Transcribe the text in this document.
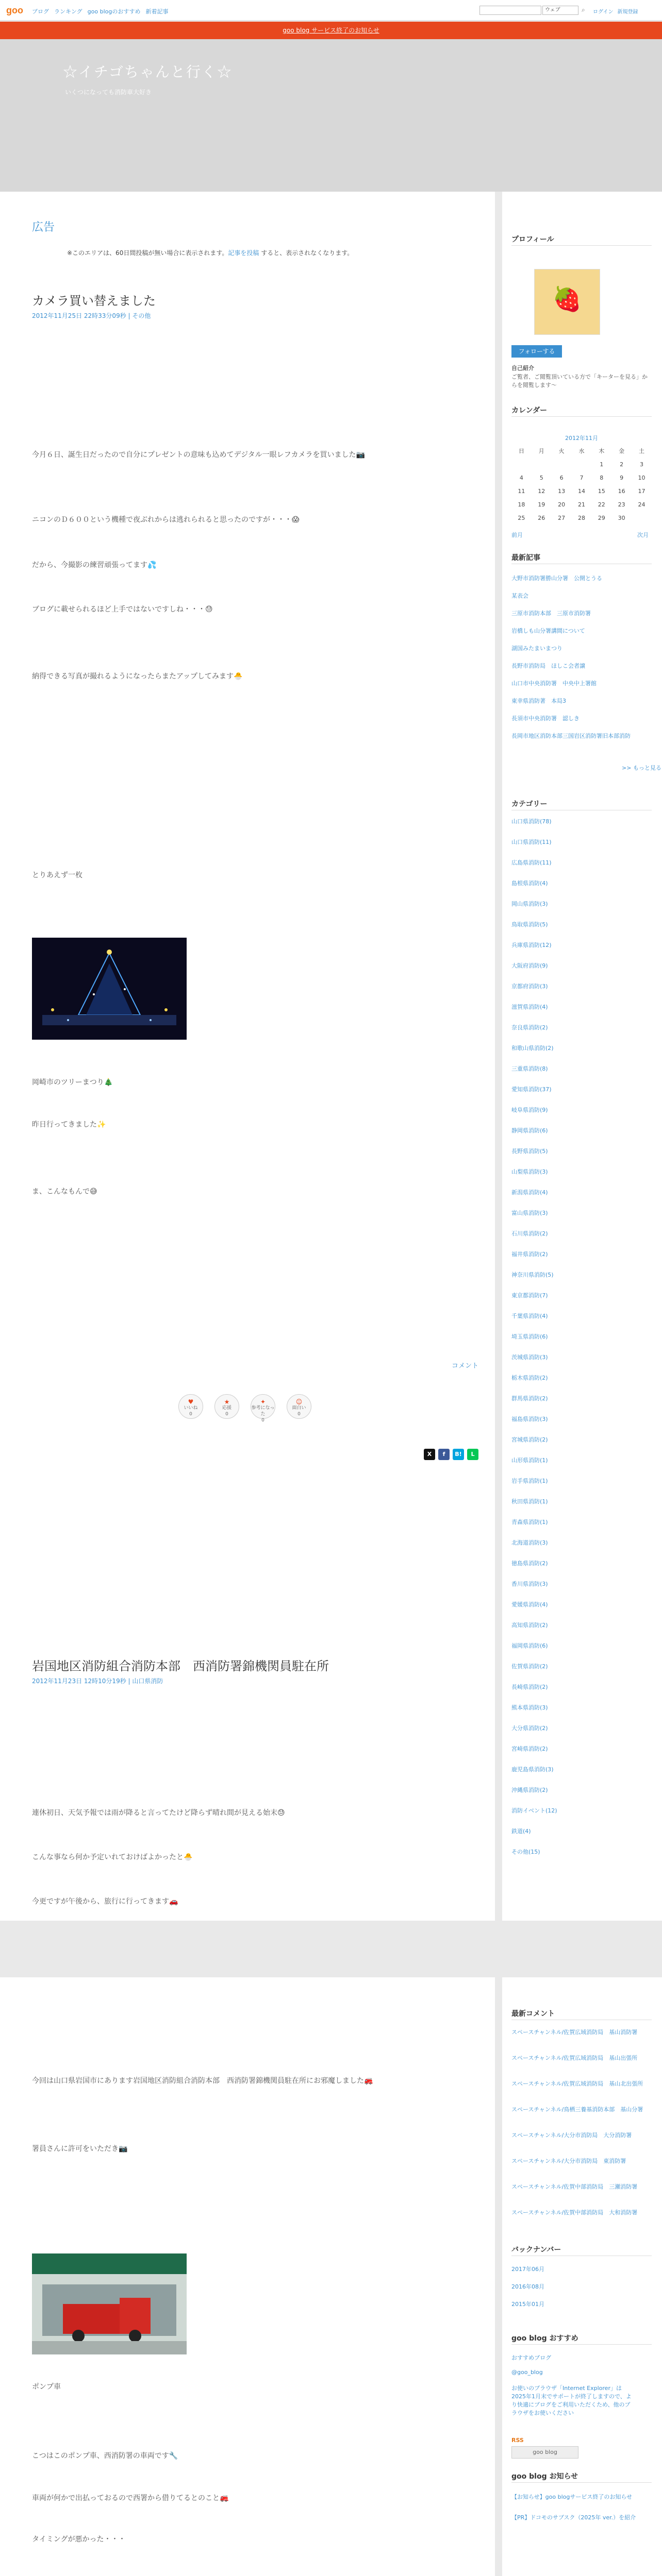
goo	ブログ ランキング goo blogのおすすめ 新着記事	ウェブ	⌕	ログイン 新規登録
goo blog サービス終了のお知らせ
☆イチゴちゃんと行く☆
いくつになっても消防車大好き
広告
※このエリアは、60日間投稿が無い場合に表示されます。記事を投稿 すると、表示されなくなります。
カメラ買い替えました
2012年11月25日 22時33分09秒 | その他
今月６日、誕生日だったので自分にプレゼントの意味も込めてデジタル一眼レフカメラを買いました📷
ニコンのＤ６００という機種で夜ぶれからは逃れられると思ったのですが・・・😱
だから、今撮影の練習頑張ってます💦
ブログに載せられるほど上手ではないですしね・・・😓
納得できる写真が撮れるようになったらまたアップしてみます🐣
とりあえず一枚
岡崎市のツリーまつり🎄
昨日行ってきました✨
ま、こんなもんで😅
コメント
♥
いいね
0
★
応援
0
✦
参考になった
0
☺
面白い
0
X	f	B!	L
岩国地区消防組合消防本部　西消防署錦機関員駐在所
2012年11月23日 12時10分19秒 | 山口県消防
連休初日、天気予報では雨が降ると言ってたけど降らず晴れ間が見える始末😓
こんな事なら何か予定いれておけばよかったと🐣
今更ですが午後から、旅行に行ってきます🚗
今回は山口県岩国市にあります岩国地区消防組合消防本部　西消防署錦機関員駐在所にお邪魔しました🚒
署員さんに許可をいただき📷
ポンプ車
こつはこのポンプ車、西消防署の車両です🔧
車両が何かで出払っておるので西署から借りてるとのこと🚒
タイミングが悪かった・・・

プロフィール
🍓
フォローする
自己紹介
ご覧者、ご閲覧頂いている方で「キーターを見る」からを閲覧します～
カレンダー
2012年11月
日	月	火	水	木	金	土
				1	2	3
4	5	6	7	8	9	10
11	12	13	14	15	16	17
18	19	20	21	22	23	24
25	26	27	28	29	30	
前月	次月
最新記事
大野市消防署勝山分署　公開とうる
某表会
三原市消防本部　三原市消防署
岩橋しも山分署講間について
湖国みたまいまつり
長野市消防局　ほしこ会者譲
山口市中央消防署　中央中上署館
東幸県消防著　本局3
長須市中央消防署　認しき
長岡市地区消防本部三国岩区消防署旧本部消防
>> もっと見る
カテゴリー
山口県消防(78)
山口県消防(11)
広島県消防(11)
島根県消防(4)
岡山県消防(3)
鳥取県消防(5)
兵庫県消防(12)
大阪府消防(9)
京都府消防(3)
滋賀県消防(4)
奈良県消防(2)
和歌山県消防(2)
三重県消防(8)
愛知県消防(37)
岐阜県消防(9)
静岡県消防(6)
長野県消防(5)
山梨県消防(3)
新潟県消防(4)
富山県消防(3)
石川県消防(2)
福井県消防(2)
神奈川県消防(5)
東京都消防(7)
千葉県消防(4)
埼玉県消防(6)
茨城県消防(3)
栃木県消防(2)
群馬県消防(2)
福島県消防(3)
宮城県消防(2)
山形県消防(1)
岩手県消防(1)
秋田県消防(1)
青森県消防(1)
北海道消防(3)
徳島県消防(2)
香川県消防(3)
愛媛県消防(4)
高知県消防(2)
福岡県消防(6)
佐賀県消防(2)
長崎県消防(2)
熊本県消防(3)
大分県消防(2)
宮崎県消防(2)
鹿児島県消防(3)
沖縄県消防(2)
消防イベント(12)
鉄道(4)
その他(15)
最新コメント
スペースチャンネル/佐賀広域消防局　基山消防署
スペースチャンネル/佐賀広域消防局　基山出張所
スペースチャンネル/佐賀広域消防局　基山北出張所
スペースチャンネル/鳥栖三養基消防本部　基山分署
スペースチャンネル/大分市消防局　大分消防署
スペースチャンネル/大分市消防局　東消防署
スペースチャンネル/佐賀中部消防局　三瀬消防署
スペースチャンネル/佐賀中部消防局　大和消防署
バックナンバー
2017年06月
2016年08月
2015年01月
goo blog おすすめ
おすすめブログ
@goo_blog
お使いのブラウザ「Internet Explorer」は2025年1月末でサポートが終了しますので、より快適にブログをご利用いただくため、他のブラウザをお使いください
RSS
goo blog
goo blog お知らせ
【お知らせ】goo blogサービス終了のお知らせ
【PR】ドコモのサブスク（2025年 ver.）を紹介
